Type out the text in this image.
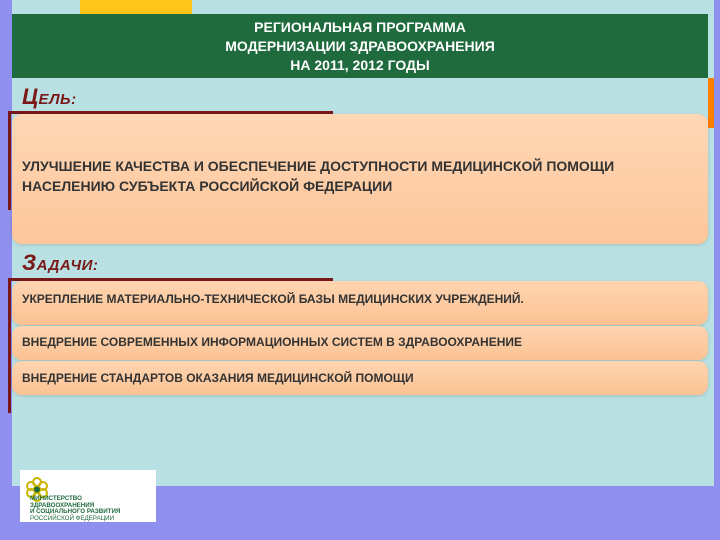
РЕГИОНАЛЬНАЯ ПРОГРАММА
МОДЕРНИЗАЦИИ ЗДРАВООХРАНЕНИЯ
НА 2011, 2012 ГОДЫ
ЦЕЛЬ:
УЛУЧШЕНИЕ КАЧЕСТВА И ОБЕСПЕЧЕНИЕ ДОСТУПНОСТИ МЕДИЦИНСКОЙ ПОМОЩИ НАСЕЛЕНИЮ СУБЪЕКТА РОССИЙСКОЙ ФЕДЕРАЦИИ
ЗАДАЧИ:
УКРЕПЛЕНИЕ МАТЕРИАЛЬНО-ТЕХНИЧЕСКОЙ БАЗЫ МЕДИЦИНСКИХ УЧРЕЖДЕНИЙ.
ВНЕДРЕНИЕ СОВРЕМЕННЫХ ИНФОРМАЦИОННЫХ СИСТЕМ В ЗДРАВООХРАНЕНИЕ
ВНЕДРЕНИЕ СТАНДАРТОВ ОКАЗАНИЯ МЕДИЦИНСКОЙ ПОМОЩИ
МИНИСТЕРСТВО
ЗДРАВООХРАНЕНИЯ
И СОЦИАЛЬНОГО РАЗВИТИЯ
РОССИЙСКОЙ ФЕДЕРАЦИИ
